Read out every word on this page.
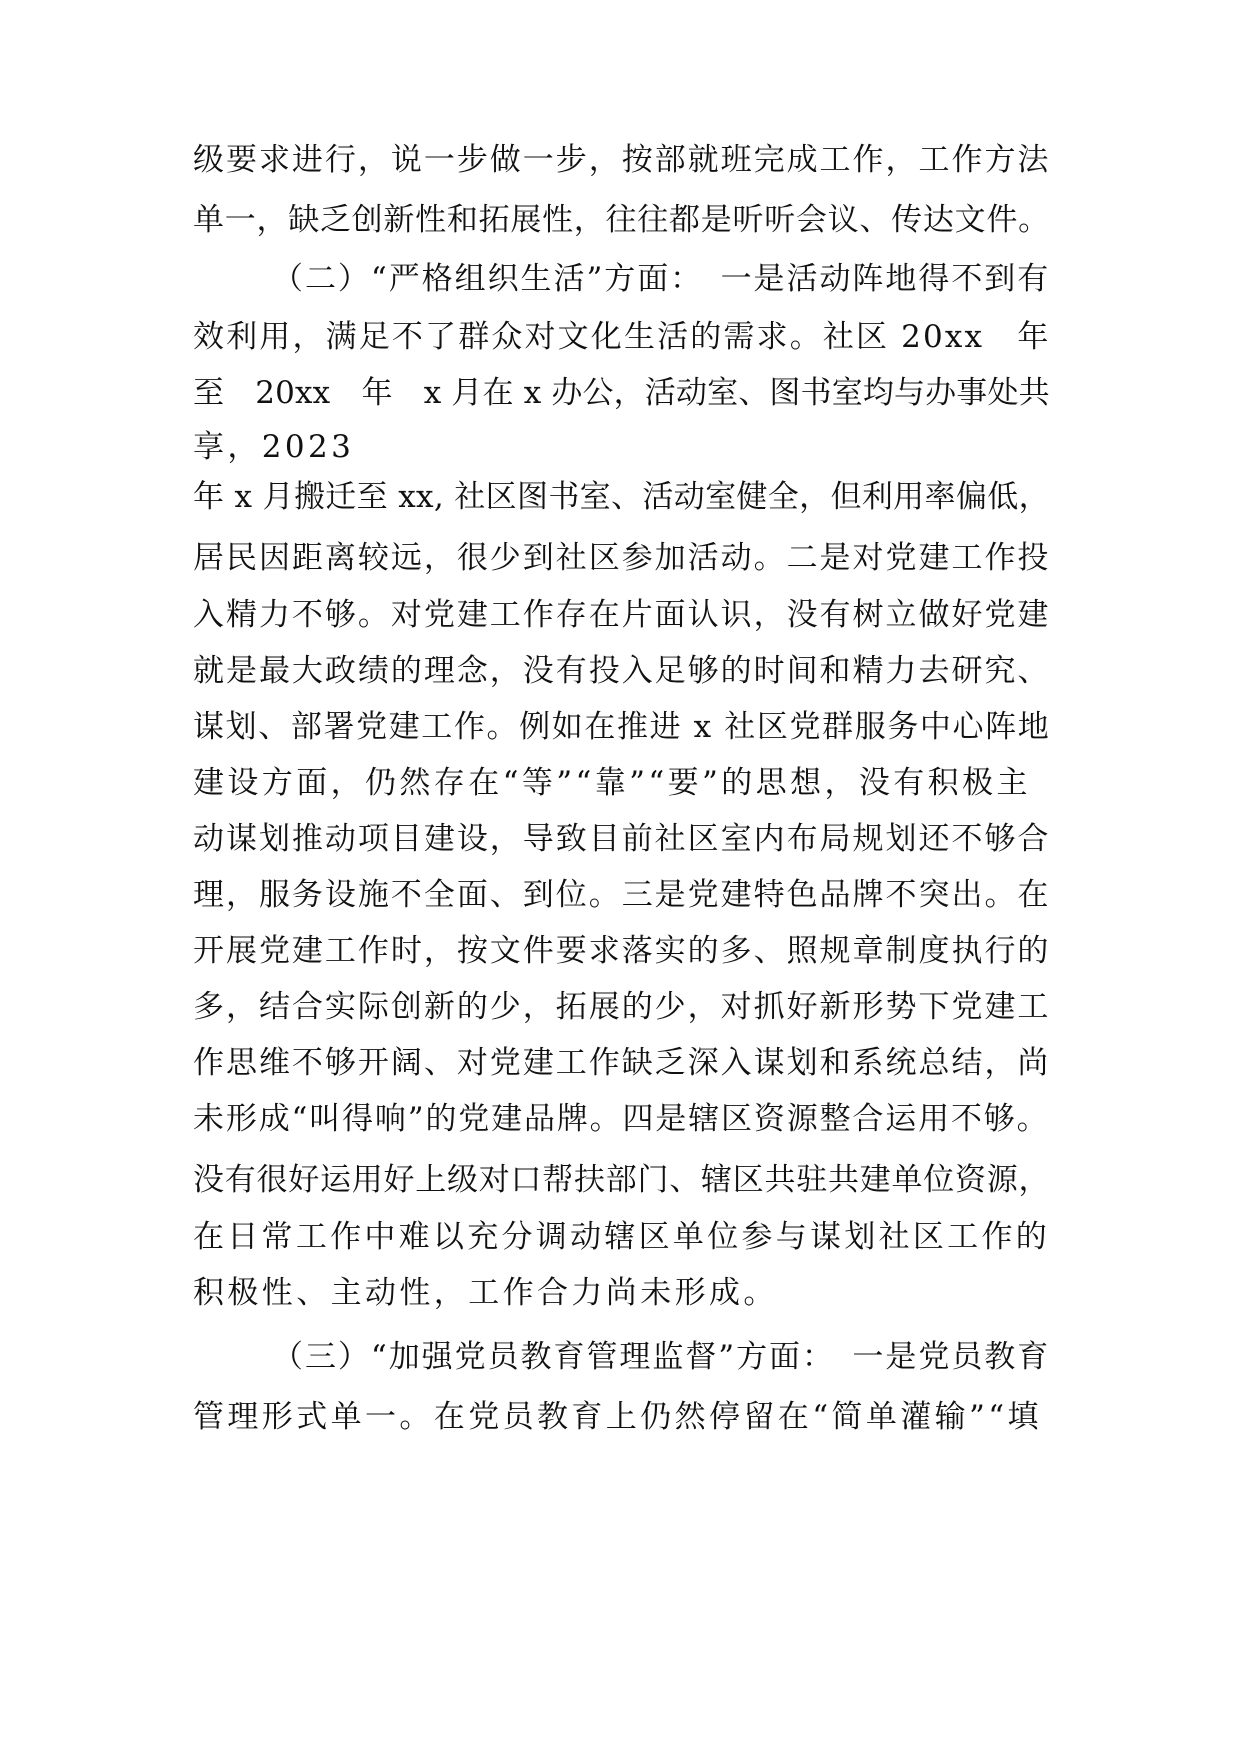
级要求进行，说一步做一步，按部就班完成工作，工作方法
单一，缺乏创新性和拓展性，往往都是听听会议、传达文件。
（二）“严格组织生活”方面：　一是活动阵地得不到有
效利用，满足不了群众对文化生活的需求。社区 20xx　年
至　20xx　年　x 月在 x 办公，活动室、图书室均与办事处共
享，2023
年 x 月搬迁至 xx, 社区图书室、活动室健全，但利用率偏低，
居民因距离较远，很少到社区参加活动。二是对党建工作投
入精力不够。对党建工作存在片面认识，没有树立做好党建
就是最大政绩的理念，没有投入足够的时间和精力去研究、
谋划、部署党建工作。例如在推进 x 社区党群服务中心阵地
建设方面，仍然存在“等”“靠”“要”的思想，没有积极主
动谋划推动项目建设，导致目前社区室内布局规划还不够合
理，服务设施不全面、到位。三是党建特色品牌不突出。在
开展党建工作时，按文件要求落实的多、照规章制度执行的
多，结合实际创新的少，拓展的少，对抓好新形势下党建工
作思维不够开阔、对党建工作缺乏深入谋划和系统总结，尚
未形成“叫得响”的党建品牌。四是辖区资源整合运用不够。
没有很好运用好上级对口帮扶部门、辖区共驻共建单位资源，
在日常工作中难以充分调动辖区单位参与谋划社区工作的
积极性、主动性，工作合力尚未形成。
（三）“加强党员教育管理监督”方面：　一是党员教育
管理形式单一。在党员教育上仍然停留在“简单灌输”“填
